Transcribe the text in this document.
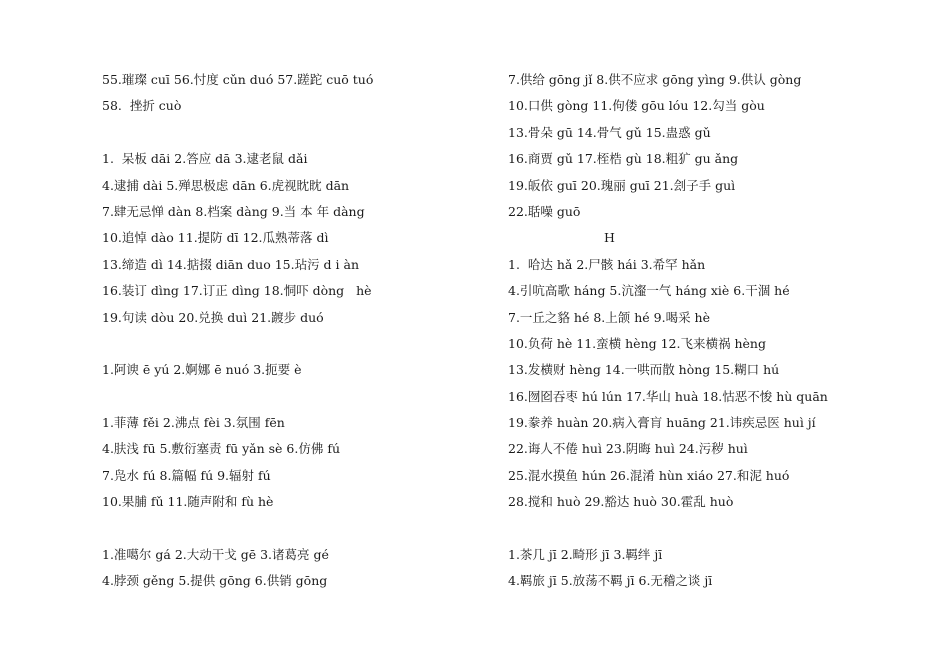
55.璀璨 cuī 56.忖度 cǔn duó 57.蹉跎 cuō tuó
58.  挫折 cuò
1.  呆板 dāi 2.答应 dā 3.逮老鼠 dǎi
4.逮捕 dài 5.殚思极虑 dān 6.虎视眈眈 dān
7.肆无忌惮 dàn 8.档案 dàng 9.当 本 年 dàng
10.追悼 dào 11.提防 dī 12.瓜熟蒂落 dì
13.缔造 dì 14.掂掇 diān duo 15.玷污 d i àn
16.装订 dìng 17.订正 dìng 18.恫吓 dòng   hè
19.句读 dòu 20.兑换 duì 21.踱步 duó
1.阿谀 ē yú 2.婀娜 ē nuó 3.扼要 è
1.菲薄 fěi 2.沸点 fèi 3.氛围 fēn
4.肤浅 fū 5.敷衍塞责 fū yǎn sè 6.仿佛 fú
7.凫水 fú 8.篇幅 fú 9.辐射 fú
10.果脯 fǔ 11.随声附和 fù hè
1.准噶尔 gá 2.大动干戈 gē 3.诸葛亮 gé
4.脖颈 gěng 5.提供 gōng 6.供销 gōng
7.供给 gōng jǐ 8.供不应求 gōng yìng 9.供认 gòng
10.口供 gòng 11.佝偻 gōu lóu 12.勾当 gòu
13.骨朵 gū 14.骨气 gǔ 15.蛊惑 gǔ
16.商贾 gǔ 17.桎梏 gù 18.粗犷 gu ǎng
19.皈依 guī 20.瑰丽 guī 21.刽子手 guì
22.聒噪 guō
H
1.  哈达 hǎ 2.尸骸 hái 3.希罕 hǎn
4.引吭高歌 háng 5.沆瀣一气 háng xiè 6.干涸 hé
7.一丘之貉 hé 8.上颌 hé 9.喝采 hè
10.负荷 hè 11.蛮横 hèng 12.飞来横祸 hèng
13.发横财 hèng 14.一哄而散 hòng 15.糊口 hú
16.囫囵吞枣 hú lún 17.华山 huà 18.怙恶不悛 hù quān
19.豢养 huàn 20.病入膏肓 huāng 21.讳疾忌医 huì jí
22.诲人不倦 huì 23.阴晦 huì 24.污秽 huì
25.混水摸鱼 hún 26.混淆 hùn xiáo 27.和泥 huó
28.搅和 huò 29.豁达 huò 30.霍乱 huò
1.茶几 jī 2.畸形 jī 3.羁绊 jī
4.羁旅 jī 5.放荡不羁 jī 6.无稽之谈 jī
